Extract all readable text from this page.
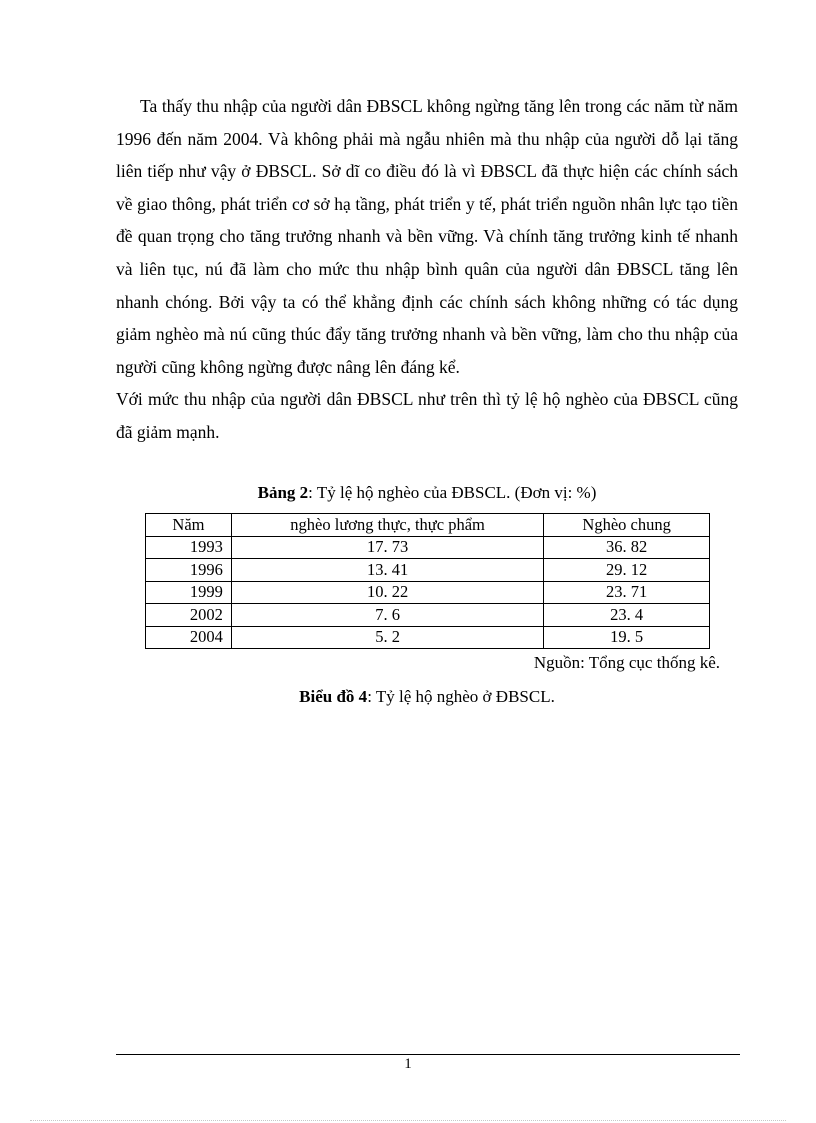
Ta thấy thu nhập của người dân ĐBSCL không ngừng tăng lên trong các năm từ năm 1996 đến năm 2004. Và không phải mà ngẫu nhiên mà thu nhập của người dỗ lại tăng liên tiếp như vậy ở ĐBSCL. Sở dĩ co điều đó là vì ĐBSCL đã thực hiện các chính sách về giao thông, phát triển cơ sở hạ tầng, phát triển y tế, phát triển nguồn nhân lực tạo tiền đề quan trọng cho tăng trưởng nhanh và bền vững. Và chính tăng trưởng kinh tế nhanh và liên tục, nú đã làm cho mức thu nhập bình quân của người dân ĐBSCL tăng lên nhanh chóng. Bởi vậy ta có thể khẳng định các chính sách không những có tác dụng giảm nghèo mà nú cũng thúc đẩy tăng trưởng nhanh và bền vững, làm cho thu nhập của người cũng không ngừng được nâng lên đáng kể.

Với mức thu nhập của người dân ĐBSCL như trên thì tỷ lệ hộ nghèo của ĐBSCL cũng đã giảm mạnh.

Bảng 2: Tỷ lệ hộ nghèo của ĐBSCL. (Đơn vị: %)
Năm	nghèo lương thực, thực phẩm	Nghèo chung
1993	17. 73	36. 82
1996	13. 41	29. 12
1999	10. 22	23. 71
2002	7. 6	23. 4
2004	5. 2	19. 5
Nguồn: Tổng cục thống kê.
Biểu đồ 4: Tỷ lệ hộ nghèo ở ĐBSCL.
1
